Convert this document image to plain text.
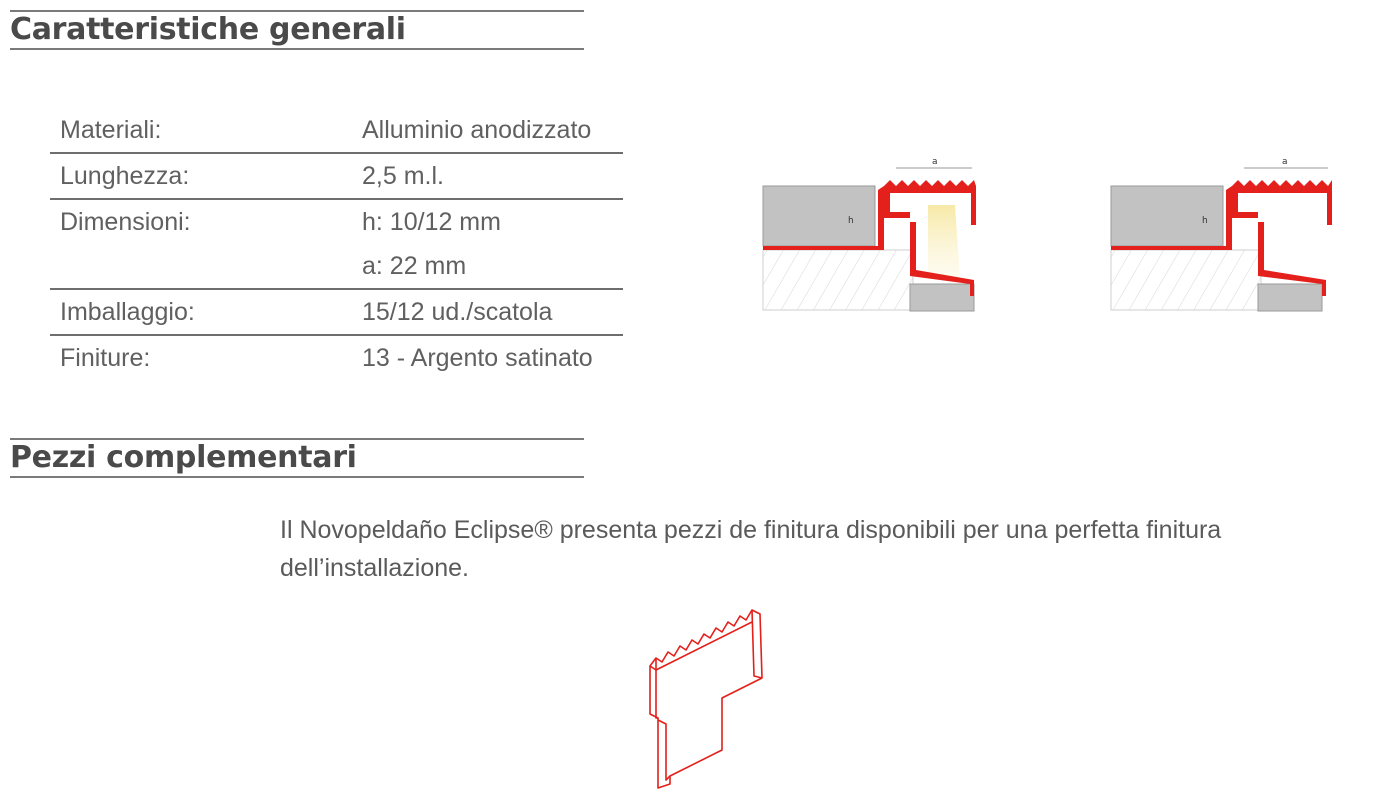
Caratteristiche generali
Materiali:	Alluminio anodizzato

Lunghezza:	2,5 m.l.

Dimensioni:	h: 10/12 mm
a: 22 mm

Imballaggio:	15/12 ud./scatola

Finiture:	13 - Argento satinato
a
h
a
h
Pezzi complementari

Il Novopeldaño Eclipse® presenta pezzi de finitura disponibili per una perfetta finitura dell’installazione.
